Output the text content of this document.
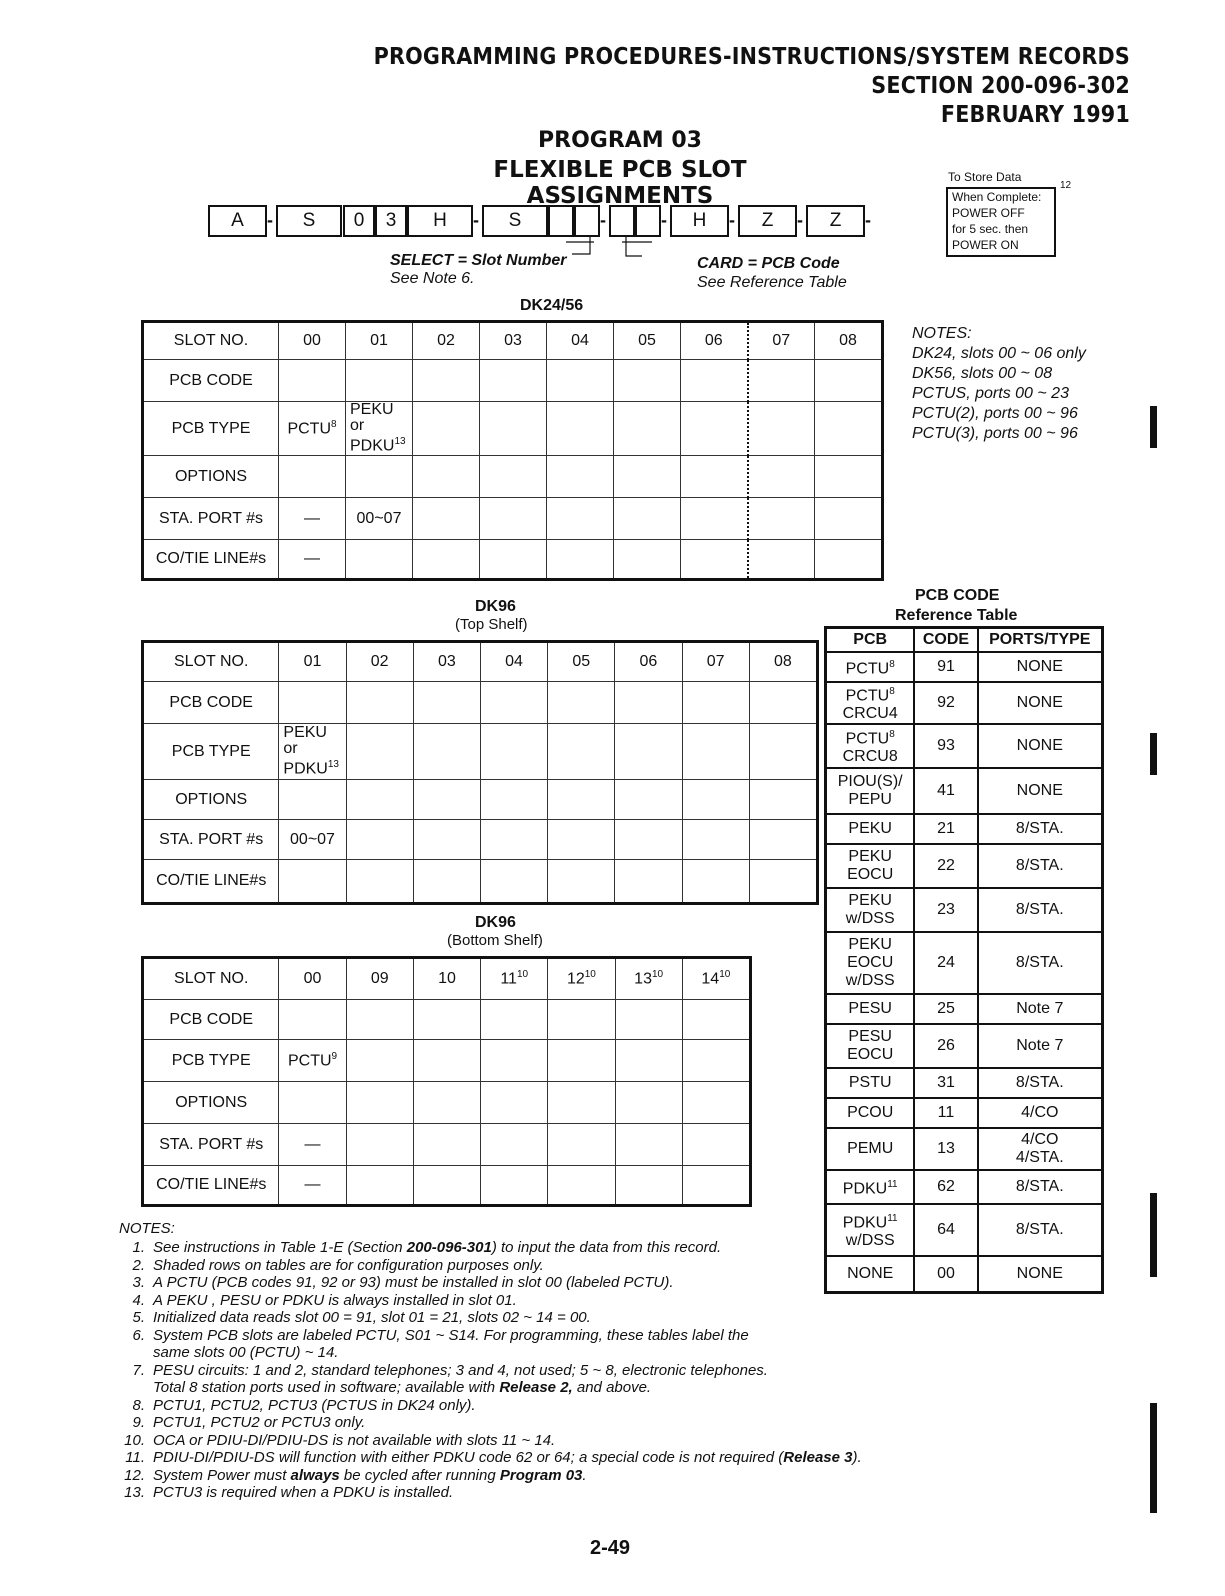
PROGRAMMING PROCEDURES-INSTRUCTIONS/SYSTEM RECORDS
SECTION 200-096-302
FEBRUARY 1991
PROGRAM 03
FLEXIBLE PCB SLOT ASSIGNMENTS
A	-	S	0	3	H	-	S	-	-	H	-	Z	-	Z	-
SELECT = Slot Number
See Note 6.
CARD = PCB Code
See Reference Table
To Store Data
12
When Complete:
POWER OFF
for 5 sec. then
POWER ON
DK24/56
SLOT NO.	00	01	02	03	04	05	06	07	08
PCB CODE									
PCB TYPE	PCTU$^8$	PEKU
or
PDKU$^{13}$

OPTIONS									
STA. PORT #s	—	00~07							
CO/TIE LINE#s	—								
NOTES:
DK24, slots 00 ~ 06 only
DK56, slots 00 ~ 08
PCTUS, ports 00 ~ 23
PCTU(2), ports 00 ~ 96
PCTU(3), ports 00 ~ 96
DK96
(Top Shelf)
SLOT NO.	01	02	03	04	05	06	07	08
PCB CODE								
PCB TYPE	PEKU
or
PDKU$^{13}$

OPTIONS								
STA. PORT #s	00~07							
CO/TIE LINE#s								
DK96
(Bottom Shelf)
SLOT NO.	00	09	10	$11^{10}$	$12^{10}$	$13^{10}$	$14^{10}$
PCB CODE							
PCB TYPE	PCTU$^9$						
OPTIONS							
STA. PORT #s	—						
CO/TIE LINE#s	—						
PCB CODE
Reference Table
PCB	CODE	PORTS/TYPE

PCTU$^8$	91	NONE

PCTU$^8$
CRCU4	92	NONE

PCTU$^8$
CRCU8	93	NONE

PIOU(S)/
PEPU	41	NONE

PEKU	21	8/STA.

PEKU
EOCU	22	8/STA.

PEKU
w/DSS	23	8/STA.

PEKU
EOCU
w/DSS	24	8/STA.

PESU	25	Note 7

PESU
EOCU	26	Note 7

PSTU	31	8/STA.

PCOU	11	4/CO

PEMU	13	4/CO
4/STA.

PDKU$^{11}$	62	8/STA.

PDKU$^{11}$
w/DSS	64	8/STA.

NONE	00	NONE
NOTES:
1. See instructions in Table 1-E (Section 200-096-301) to input the data from this record.
2. Shaded rows on tables are for configuration purposes only.
3. A PCTU (PCB codes 91, 92 or 93) must be installed in slot 00 (labeled PCTU).
4. A PEKU , PESU or PDKU is always installed in slot 01.
5. Initialized data reads slot 00 = 91, slot 01 = 21, slots 02 ~ 14 = 00.
6. System PCB slots are labeled PCTU, S01 ~ S14. For programming, these tables label the
same slots 00 (PCTU) ~ 14.
7. PESU circuits: 1 and 2, standard telephones; 3 and 4, not used; 5 ~ 8, electronic telephones.
Total 8 station ports used in software; available with Release 2, and above.
8. PCTU1, PCTU2, PCTU3 (PCTUS in DK24 only).
9. PCTU1, PCTU2 or PCTU3 only.
10. OCA or PDIU-DI/PDIU-DS is not available with slots 11 ~ 14.
11. PDIU-DI/PDIU-DS will function with either PDKU code 62 or 64; a special code is not required (Release 3).
12. System Power must always be cycled after running Program 03.
13. PCTU3 is required when a PDKU is installed.
2-49
